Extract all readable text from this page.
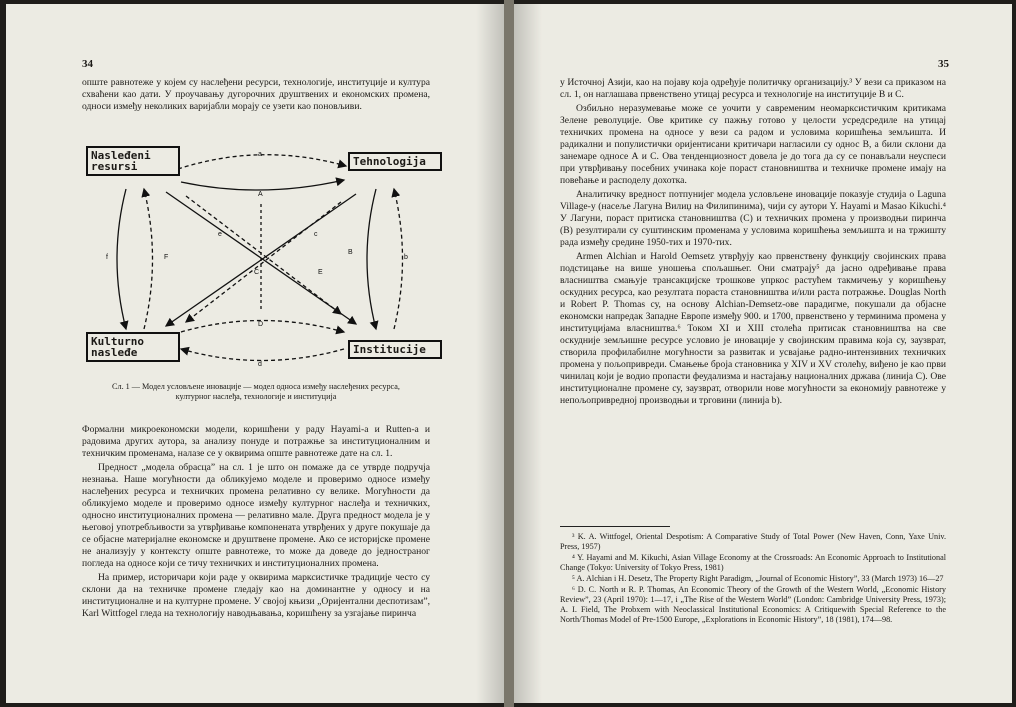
34

опште равнотеже у којем су наслеђени ресурси, технологије, институције и култура схваћени као дати. У проучавању дугорочних друштвених и економских промена, односи између неколиких варијабли морају се узети као поновљиви.

a
A
b
B
c
C
d
D
e
E
f	F
Nasleđeni resursi	Tehnologija
Kulturno nasleđe	Institucije
Сл. 1 — Модел условљене иновације — модел односа између наслеђених ресурса, културног наслеђа, технологије и институција

Формални микроекономски модели, коришћени у раду Hayami-а и Rutten-а и радовима других аутора, за анализу понуде и потражње за институционалним и техничким променама, налазе се у оквирима опште равнотеже дате на сл. 1.

Предност „модела обрасца” на сл. 1 је што он помаже да се утврде подручја незнања. Наше могућности да обликујемо моделе и проверимо односе између наслеђених ресурса и техничких промена релативно су велике. Могућности да обликујемо моделе и проверимо односе између културног наслеђа и техничких, односно институционалних промена — релативно мале. Друга предност модела је у његовој употребљивости за утврђивање компонената утврђених у друге покушаје да се објасне материјалне економске и друштвене промене. Ако се историјске промене не анализују у контексту опште равнотеже, то може да доведе до једностраног погледа на односе који се тичу техничких и институционалних промена.

На пример, историчари који раде у оквирима марксистичке традиције често су склони да на техничке промене гледају као на доминантне у односу и на институционалне и на културне промене. У својој књизи „Оријентални деспотизам”, Karl Wittfogel гледа на технологију наводњавања, коришћену за узгајање пиринча

35

у Источној Азији, као на појаву која одређује политичку организацију.³ У вези са приказом на сл. 1, он наглашава првенствено утицај ресурса и технологије на институције В и С.

Озбиљно неразумевање може се уочити у савременим неомарксистичким критикама Зелене револуције. Ове критике су пажњу готово у целости усредсредиле на утицај техничких промена на односе у вези са радом и условима коришћења земљишта. И радикални и популистички оријентисани критичари нагласили су однос В, а били склони да занемаре односе А и С. Ова тенденциозност довела је до тога да су се понављали неуспеси при утврђивању посебних учинака које пораст становништва и техничке промене имају на повећање и расподелу дохотка.

Аналитичку вредност потпунијег модела условљене иновације показује студија о Laguna Village-у (насеље Лагуна Вилиџ на Филипинима), чији су аутори Y. Hayami и Masao Kikuchi.⁴ У Лагуни, пораст притиска становништва (C) и техничких промена у производњи пиринча (B) резултирали су суштинским променама у условима коришћења земљишта и на тржишту рада између средине 1950-тих и 1970-тих.

Armen Alchian и Harold Oemsetz утврђују као првенствену функцију својинских права подстицање на више уношења спољашњег. Они сматрају⁵ да јасно одређивање права власништва смањује трансакцијске трошкове упркос растућем такмичењу у коришћењу оскудних ресурса, као резултата пораста становништва и/или раста потражње. Douglas North и Robert P. Thomas су, на основу Alchian-Demsetz-ове парадигме, покушали да објасне економски напредак Западне Европе између 900. и 1700, првенствено у терминима промена у институцијама власништва.⁶ Током XI и XIII столећа притисак становништва на све оскудније земљишне ресурсе условио је иновације у својинским правима која су, заузврат, створила профилабилне могућности за развитак и усвајање радно-интензивних техничких промена у пољопривреди. Смањење броја становника у XIV и XV столећу, виђено је као први чинилац који је водио пропасти феудализма и настајању националних држава (линија C). Ове институционалне промене су, заузврат, отворили нове могућности за економију равнотеже у непољопривредној производњи и трговини (линија b).

³ K. A. Wittfogel, Oriental Despotism: A Comparative Study of Total Power (New Haven, Conn, Yaxe Univ. Press, 1957)

⁴ Y. Hayami and M. Kikuchi, Asian Village Economy at the Crossroads: An Economic Approach to Institutional Change (Tokyo: University of Tokyo Press, 1981)

⁵ A. Alchian i H. Desetz, The Property Right Paradigm, „Journal of Economic History”, 33 (March 1973) 16—27

⁶ D. C. North и R. P. Thomas, An Economic Theory of the Growth of the Western World, „Economic History Review”, 23 (April 1970): 1—17, i „The Rise of the Western World” (London: Cambridge University Press, 1973); A. I. Field, The Probxem with Neoclassical Institutional Economics: A Critiquewith Special Reference to the North/Thomas Model of Pre-1500 Europe, „Explorations in Economic History”, 18 (1981), 174—98.
